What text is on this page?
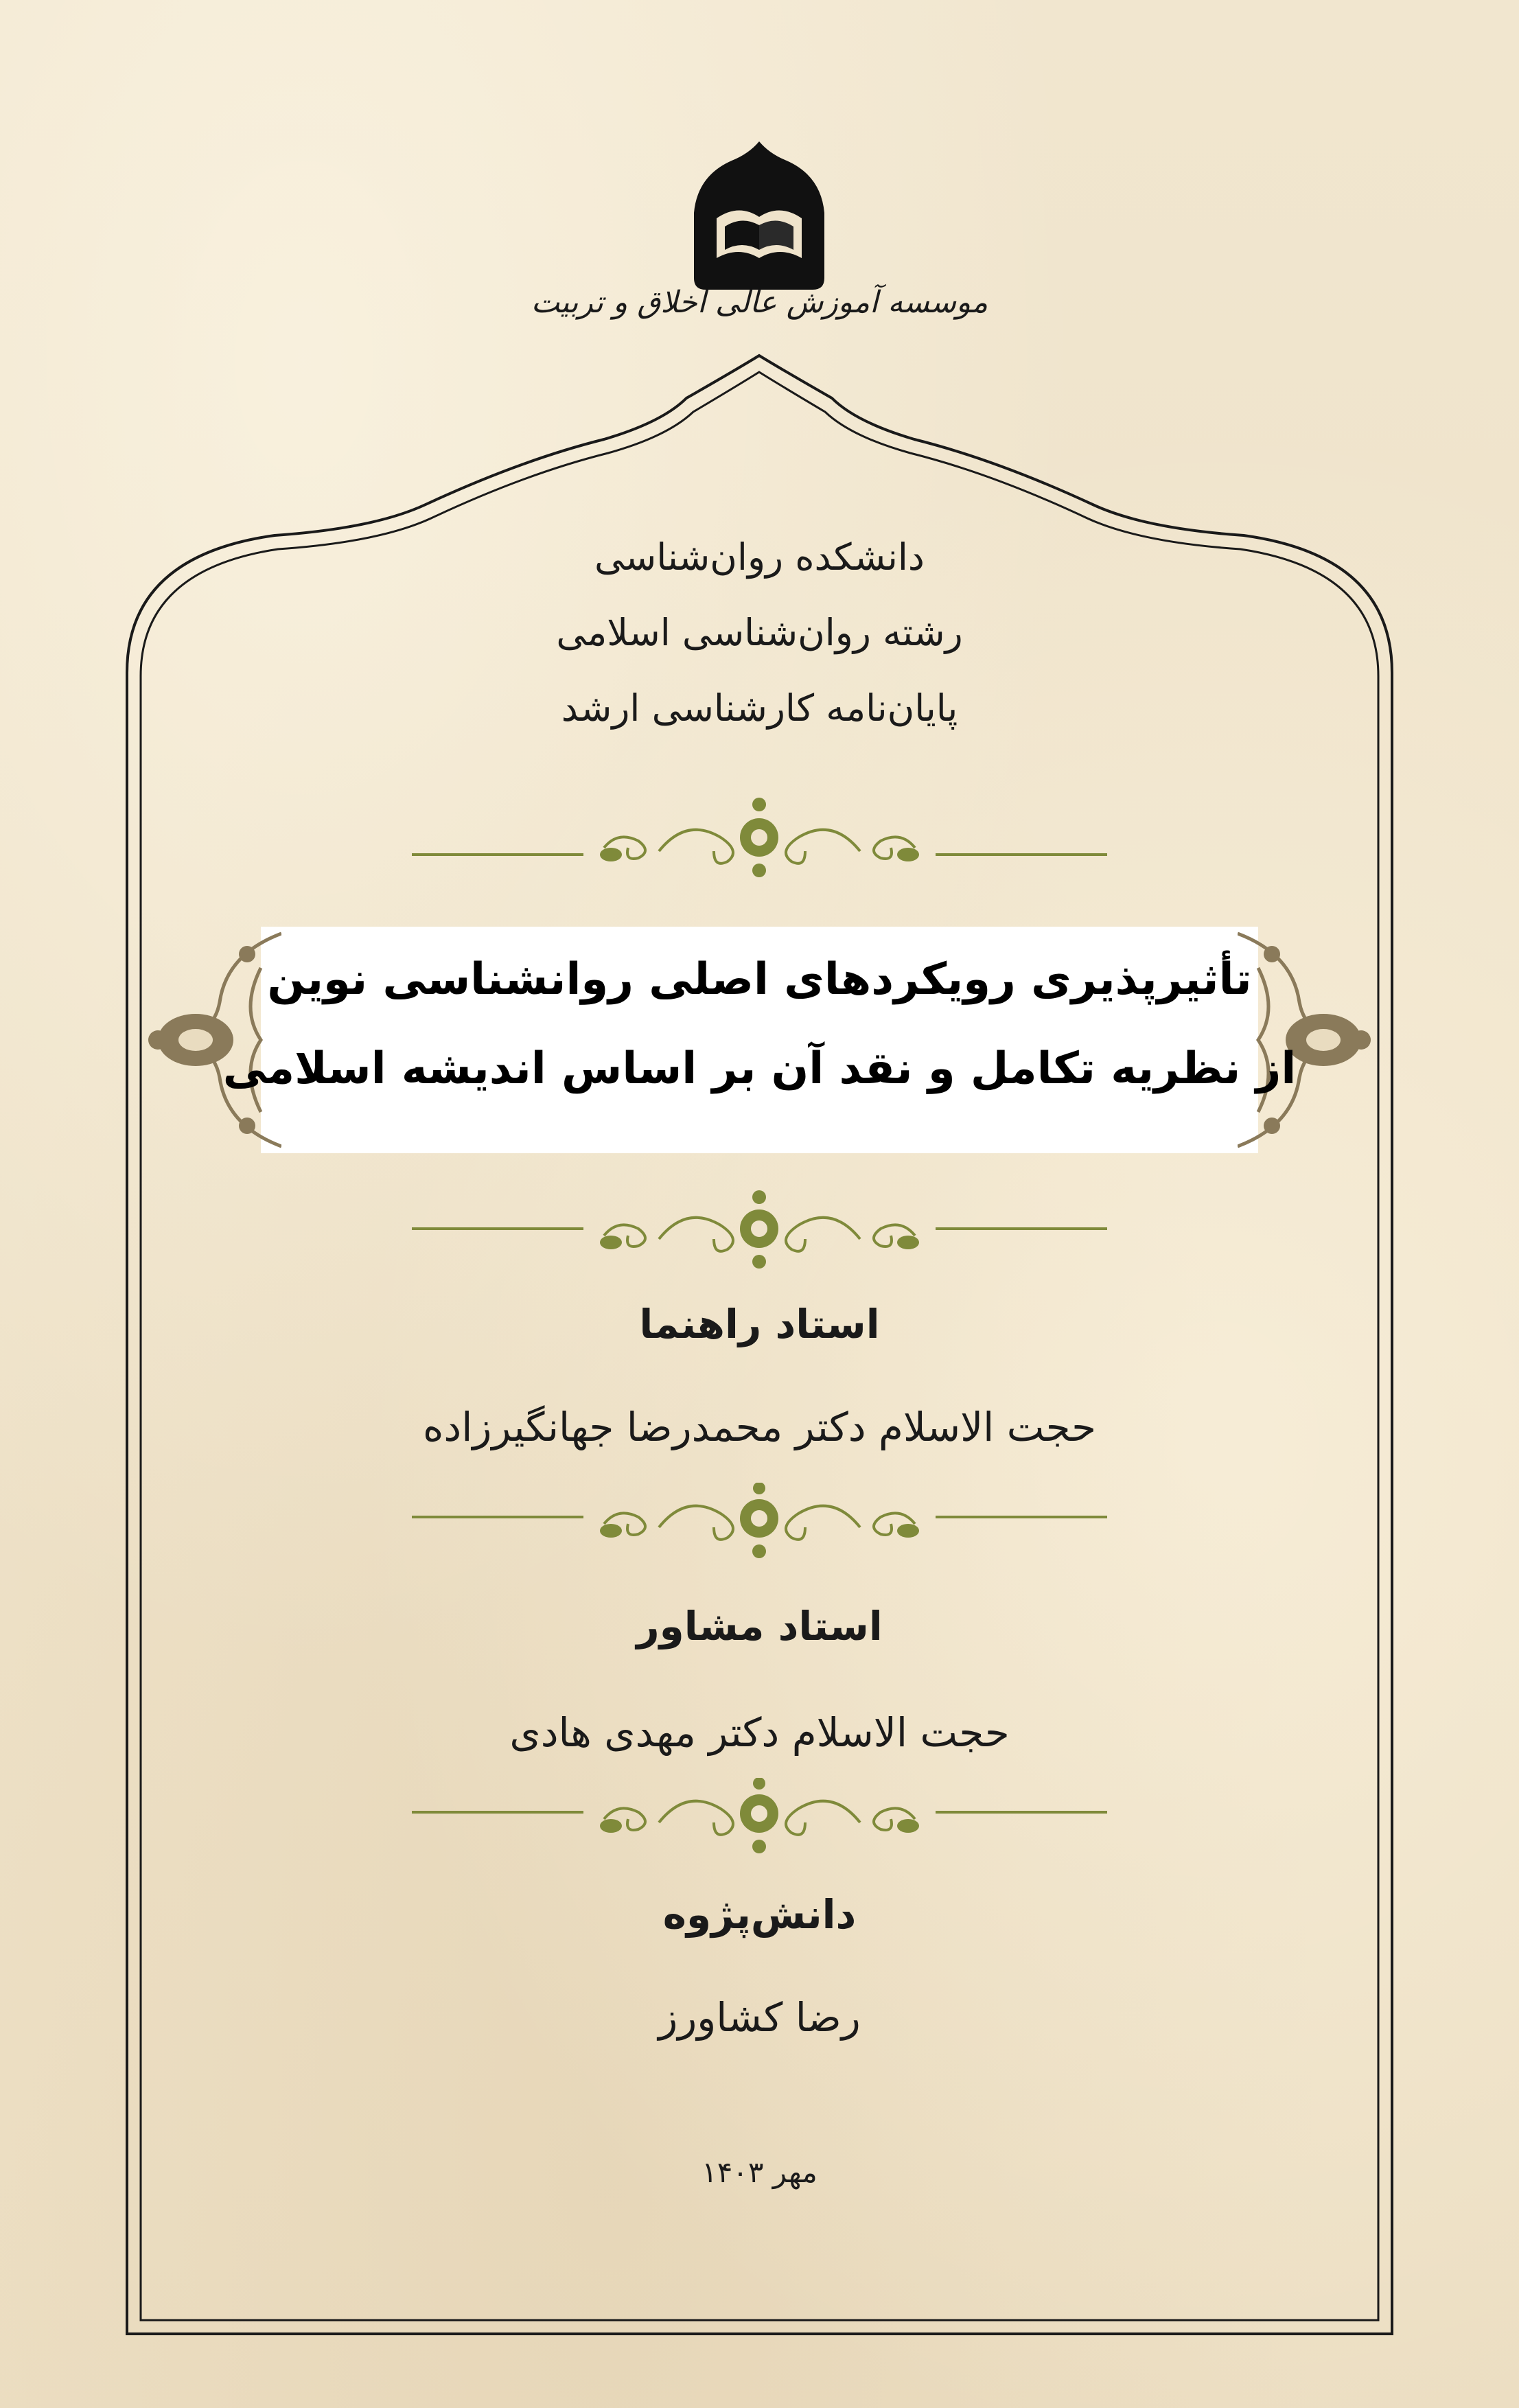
موسسه آموزش عالی اخلاق و تربیت
دانشکده روان‌شناسی
رشته روان‌شناسی اسلامی
پایان‌نامه کارشناسی ارشد
تأثیرپذیری رویکردهای اصلی روانشناسی نوین
از نظریه تکامل و نقد آن بر اساس اندیشه اسلامی
استاد راهنما
حجت الاسلام دکتر محمدرضا جهانگیرزاده
استاد مشاور
حجت الاسلام دکتر مهدی هادی
دانش‌پژوه
رضا کشاورز
مهر ۱۴۰۳
